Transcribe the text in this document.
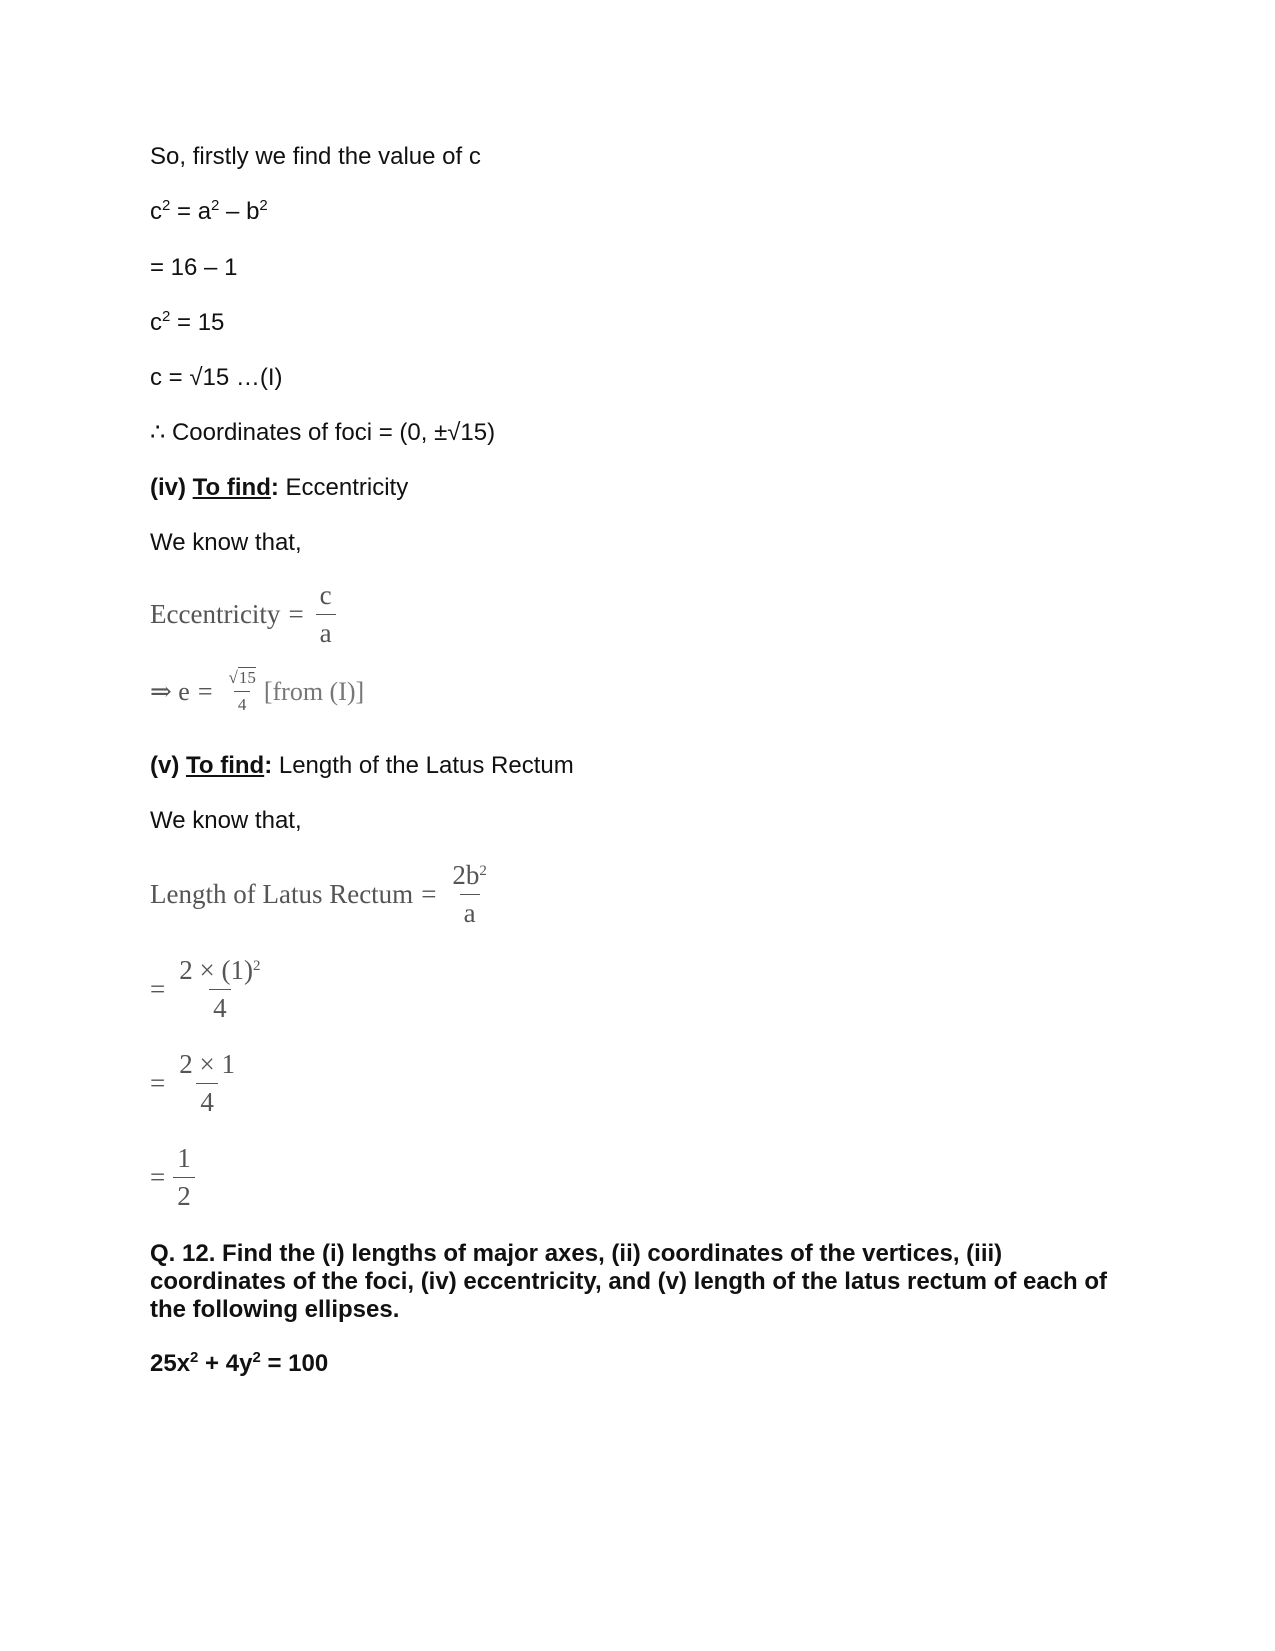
So, firstly we find the value of c
$c^2 = a^2 - b^2$
= 16 – 1
$c^2 = 15$
c = √15 …(I)
∴ Coordinates of foci = (0, ±√15)
(iv) To find: Eccentricity
We know that,
Eccentricity = $\frac{c}{a}$
⇒ $e = \frac{√15}{4}$ [from (I)]
(v) To find: Length of the Latus Rectum
We know that,
Length of Latus Rectum = $\frac{2b^2}{a}$
= $\frac{2 \times (1)^2}{4}$
= $\frac{2 \times 1}{4}$
= $\frac{1}{2}$
Q. 12. Find the (i) lengths of major axes, (ii) coordinates of the vertices, (iii) coordinates of the foci, (iv) eccentricity, and (v) length of the latus rectum of each of the following ellipses.
$25x^2 + 4y^2 = 100$
